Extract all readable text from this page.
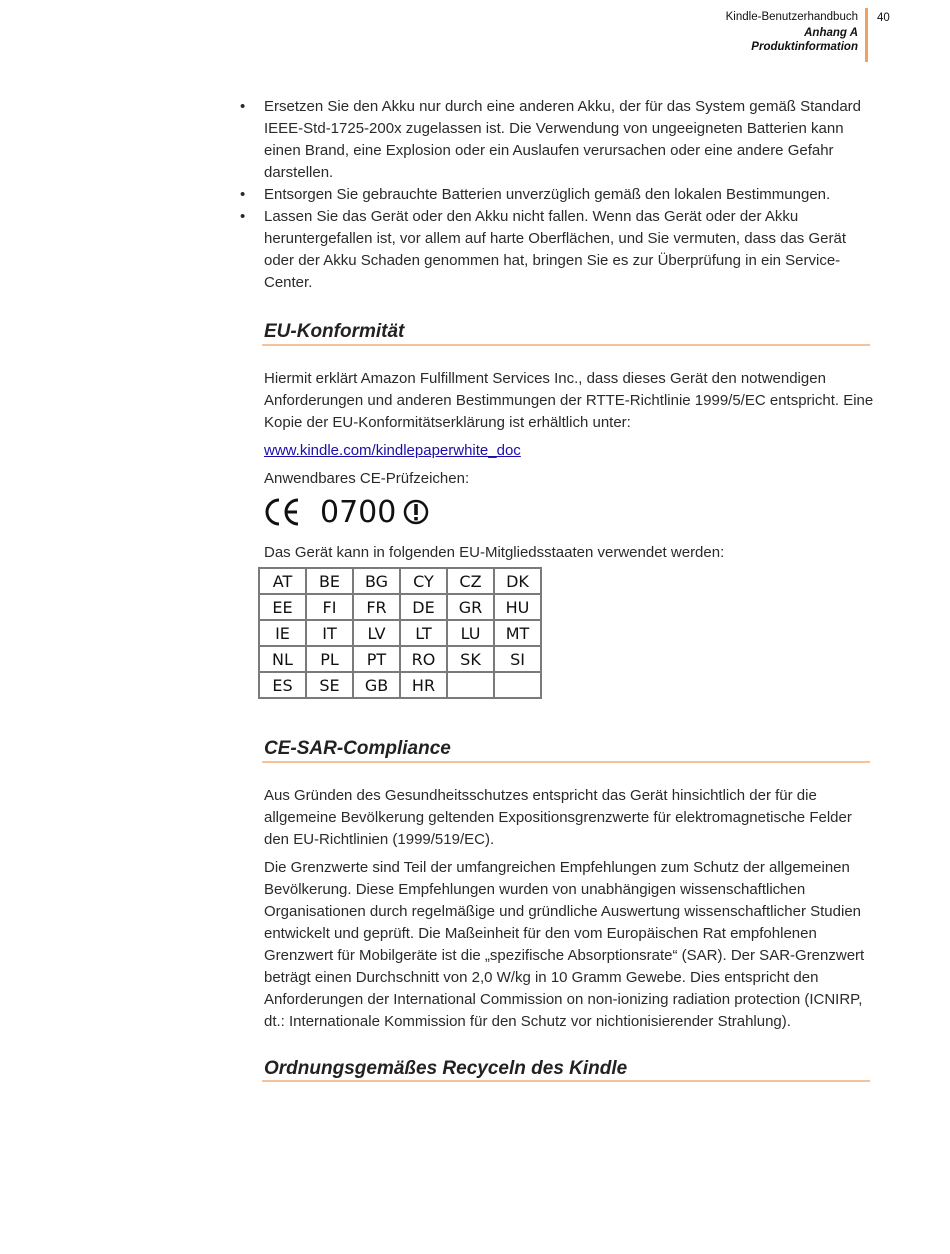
Kindle-Benutzerhandbuch
Anhang A
Produktinformation
40
• Ersetzen Sie den Akku nur durch eine anderen Akku, der für das System gemäß Standard IEEE-Std-1725-200x zugelassen ist. Die Verwendung von ungeeigneten Batterien kann einen Brand, eine Explosion oder ein Auslaufen verursachen oder eine andere Gefahr darstellen.
• Entsorgen Sie gebrauchte Batterien unverzüglich gemäß den lokalen Bestimmungen.
• Lassen Sie das Gerät oder den Akku nicht fallen. Wenn das Gerät oder der Akku heruntergefallen ist, vor allem auf harte Oberflächen, und Sie vermuten, dass das Gerät oder der Akku Schaden genommen hat, bringen Sie es zur Überprüfung in ein Service-Center.
EU-Konformität

Hiermit erklärt Amazon Fulfillment Services Inc., dass dieses Gerät den notwendigen Anforderungen und anderen Bestimmungen der RTTE-Richtlinie 1999/5/EC entspricht. Eine Kopie der EU-Konformitätserklärung ist erhältlich unter:

www.kindle.com/kindlepaperwhite_doc

Anwendbares CE-Prüfzeichen:

0700
Das Gerät kann in folgenden EU-Mitgliedsstaaten verwendet werden:
AT	BE	BG	CY	CZ	DK
EE	FI	FR	DE	GR	HU
IE	IT	LV	LT	LU	MT
NL	PL	PT	RO	SK	SI
ES	SE	GB	HR		
CE-SAR-Compliance

Aus Gründen des Gesundheitsschutzes entspricht das Gerät hinsichtlich der für die allgemeine Bevölkerung geltenden Expositionsgrenzwerte für elektromagnetische Felder den EU-Richtlinien (1999/519/EC).

Die Grenzwerte sind Teil der umfangreichen Empfehlungen zum Schutz der allgemeinen Bevölkerung. Diese Empfehlungen wurden von unabhängigen wissenschaftlichen Organisationen durch regelmäßige und gründliche Auswertung wissenschaftlicher Studien entwickelt und geprüft. Die Maßeinheit für den vom Europäischen Rat empfohlenen Grenzwert für Mobilgeräte ist die „spezifische Absorptionsrate“ (SAR). Der SAR-Grenzwert beträgt einen Durchschnitt von 2,0 W/kg in 10 Gramm Gewebe. Dies entspricht den Anforderungen der International Commission on non-ionizing radiation protection (ICNIRP, dt.: Internationale Kommission für den Schutz vor nichtionisierender Strahlung).

Ordnungsgemäßes Recyceln des Kindle
